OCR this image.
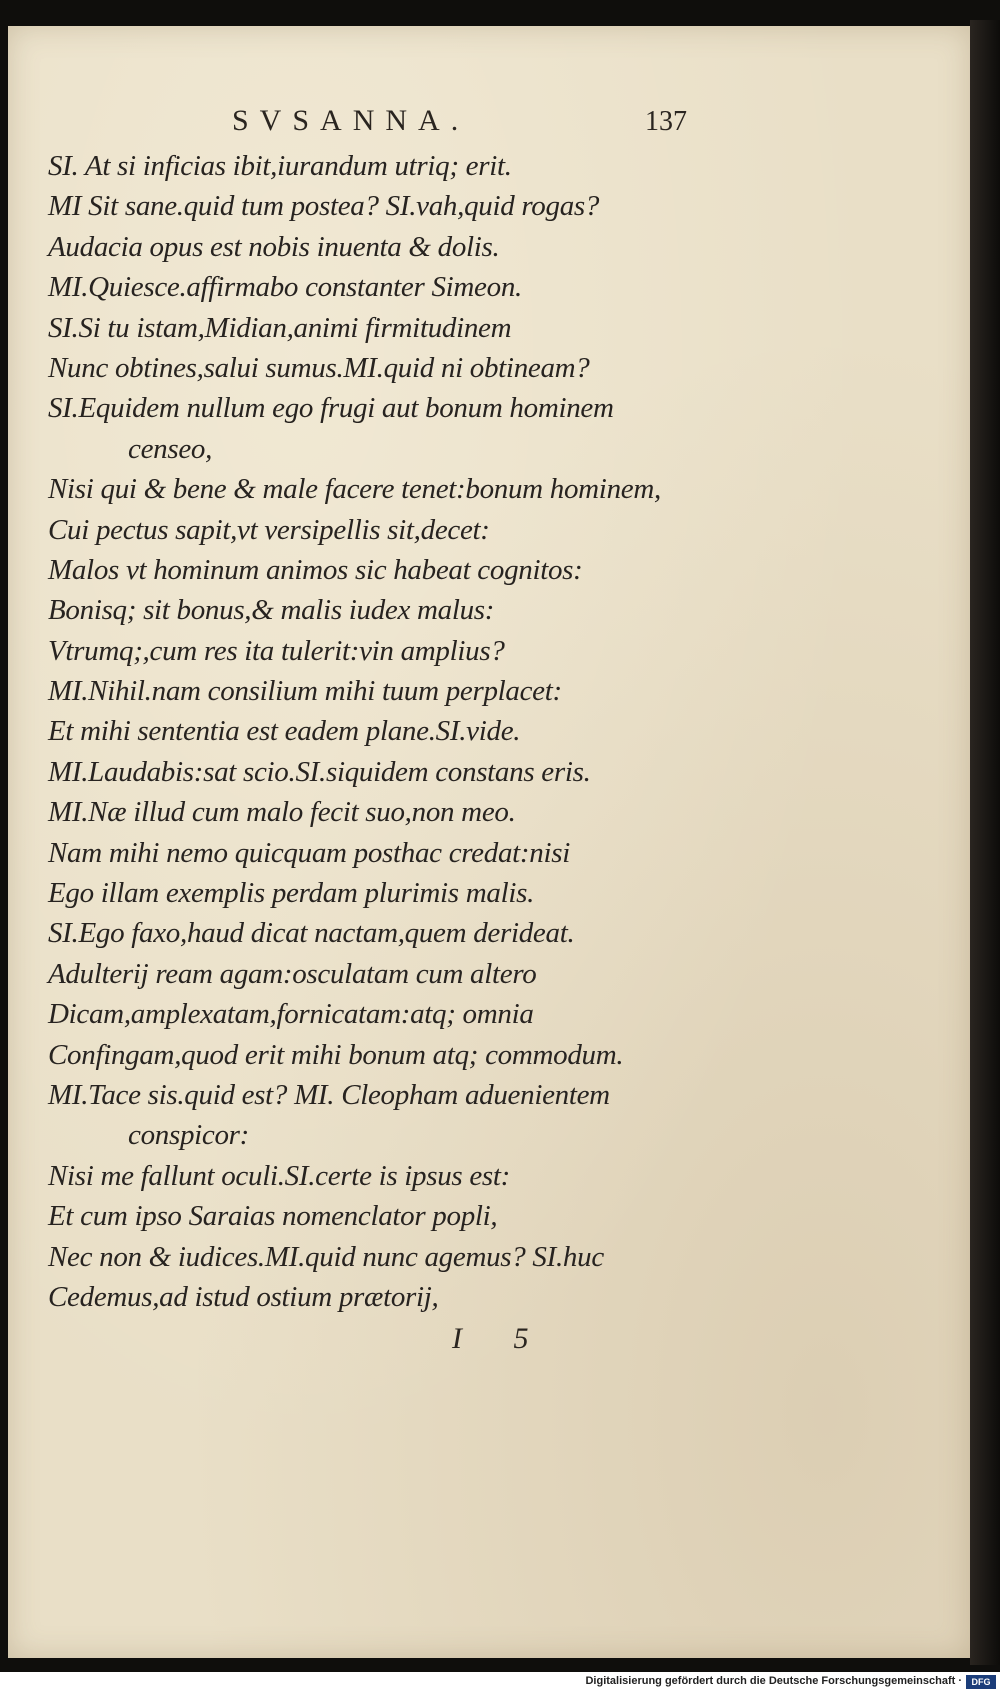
SVSANNA.	137
SI. At si inficias ibit,iurandum utriq; erit.
MI Sit sane.quid tum postea? SI.vah,quid rogas?
Audacia opus est nobis inuenta & dolis.
MI.Quiesce.affirmabo constanter Simeon.
SI.Si tu istam,Midian,animi firmitudinem
Nunc obtines,salui sumus.MI.quid ni obtineam?
SI.Equidem nullum ego frugi aut bonum hominem
censeo,
Nisi qui & bene & male facere tenet:bonum hominem,
Cui pectus sapit,vt versipellis sit,decet:
Malos vt hominum animos sic habeat cognitos:
Bonisq; sit bonus,& malis iudex malus:
Vtrumq;,cum res ita tulerit:vin amplius?
MI.Nihil.nam consilium mihi tuum perplacet:
Et mihi sententia est eadem plane.SI.vide.
MI.Laudabis:sat scio.SI.siquidem constans eris.
MI.Næ illud cum malo fecit suo,non meo.
Nam mihi nemo quicquam posthac credat:nisi
Ego illam exemplis perdam plurimis malis.
SI.Ego faxo,haud dicat nactam,quem derideat.
Adulterij ream agam:osculatam cum altero
Dicam,amplexatam,fornicatam:atq; omnia
Confingam,quod erit mihi bonum atq; commodum.
MI.Tace sis.quid est? MI. Cleopham aduenientem
conspicor:
Nisi me fallunt oculi.SI.certe is ipsus est:
Et cum ipso Saraias nomenclator popli,
Nec non & iudices.MI.quid nunc agemus? SI.huc
Cedemus,ad istud ostium prætorij,
I 5
Digitalisierung gefördert durch die Deutsche Forschungsgemeinschaft ·	DFG
